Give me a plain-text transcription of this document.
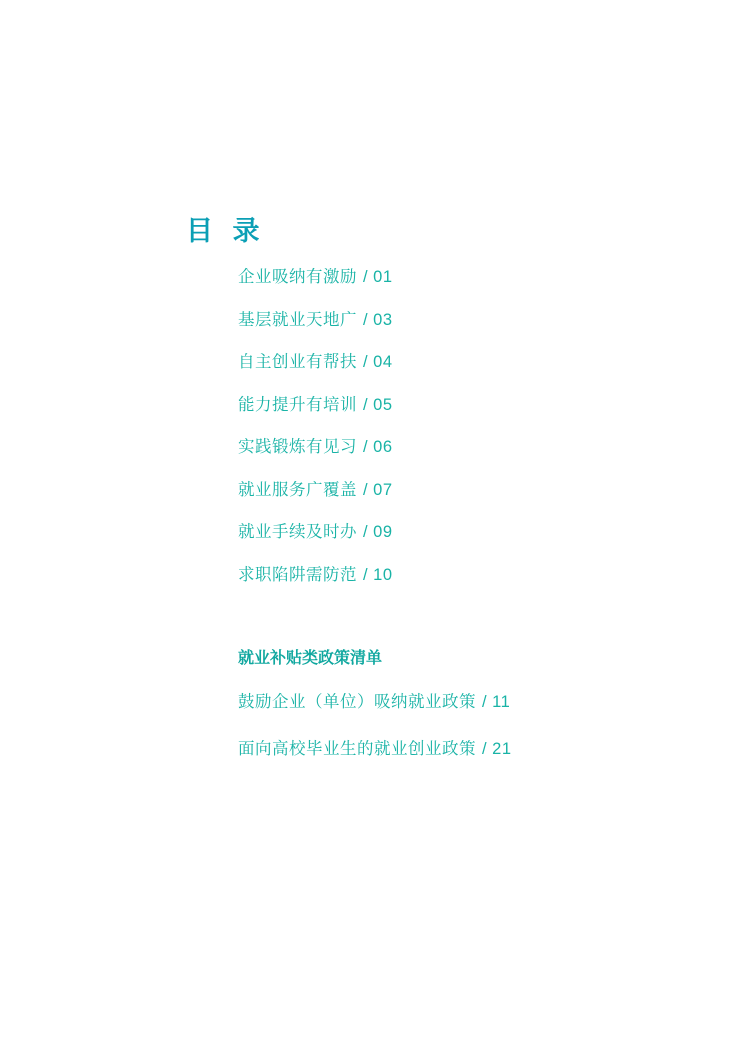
目 录
企业吸纳有激励 / 01
基层就业天地广 / 03
自主创业有帮扶 / 04
能力提升有培训 / 05
实践锻炼有见习 / 06
就业服务广覆盖 / 07
就业手续及时办 / 09
求职陷阱需防范 / 10
就业补贴类政策清单
鼓励企业（单位）吸纳就业政策 / 11
面向高校毕业生的就业创业政策 / 21
